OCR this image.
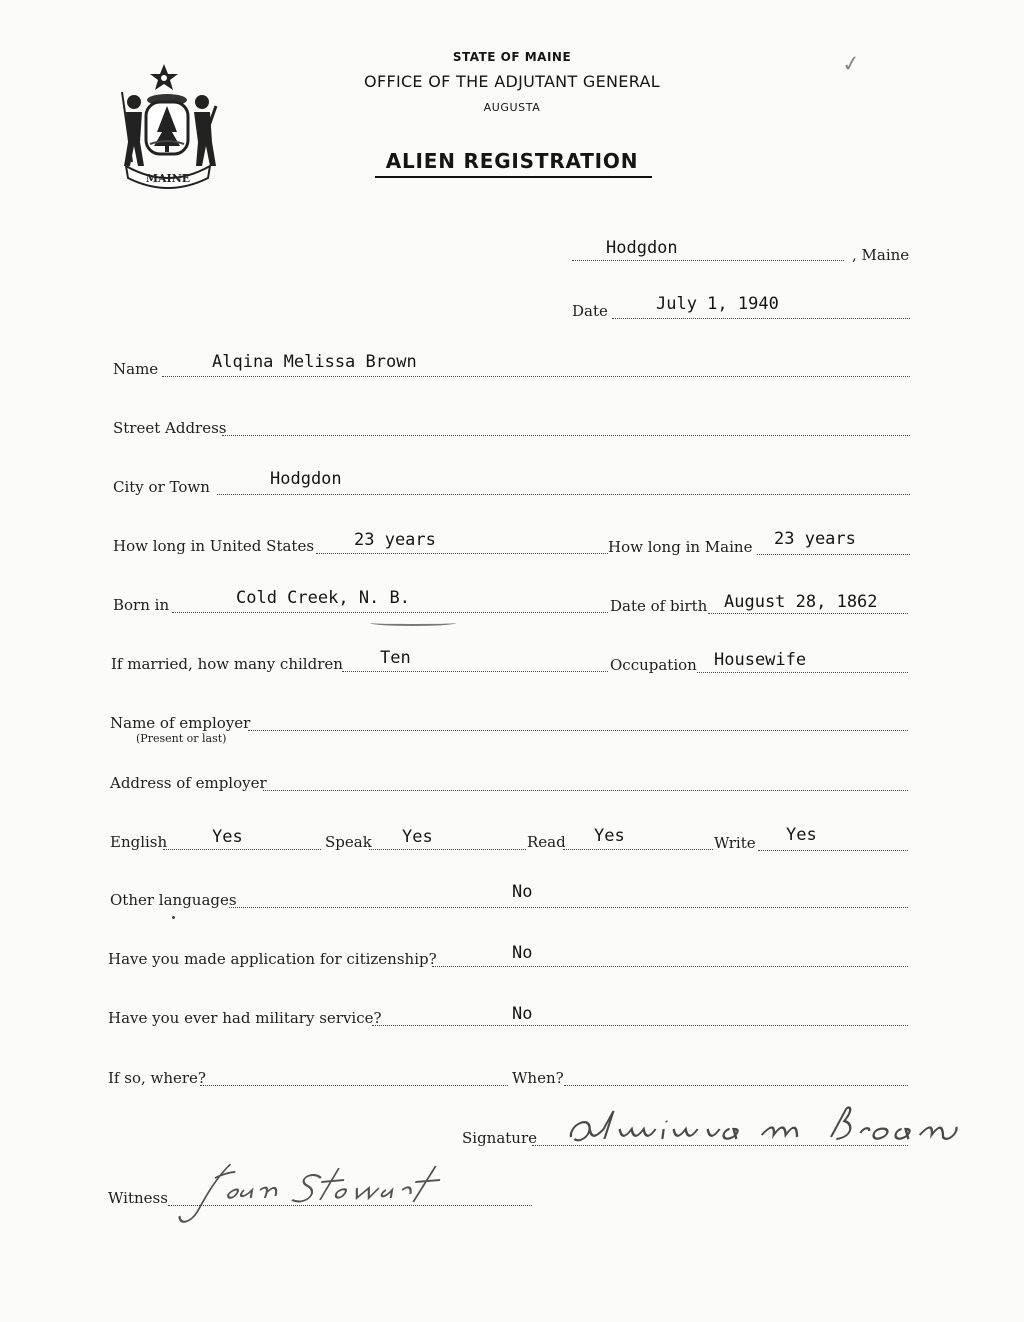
MAINE
✓
STATE OF MAINE
OFFICE OF THE ADJUTANT GENERAL
AUGUSTA
ALIEN REGISTRATION
Hodgdon	, Maine
Date	July 1, 1940
Name	Alqina Melissa Brown
Street Address
City or Town	Hodgdon
How long in United States 23 years	How long in Maine 23 years
Born in	Cold Creek, N. B.	Date of birth August 28, 1862
If married, how many children Ten	Occupation Housewife
Name of employer
(Present or last)
Address of employer
English	Yes	Speak Yes	Read Yes	Write Yes
Other languages	No
Have you made application for citizenship?	No
Have you ever had military service?	No
If so, where?	When?
Signature
Witness
